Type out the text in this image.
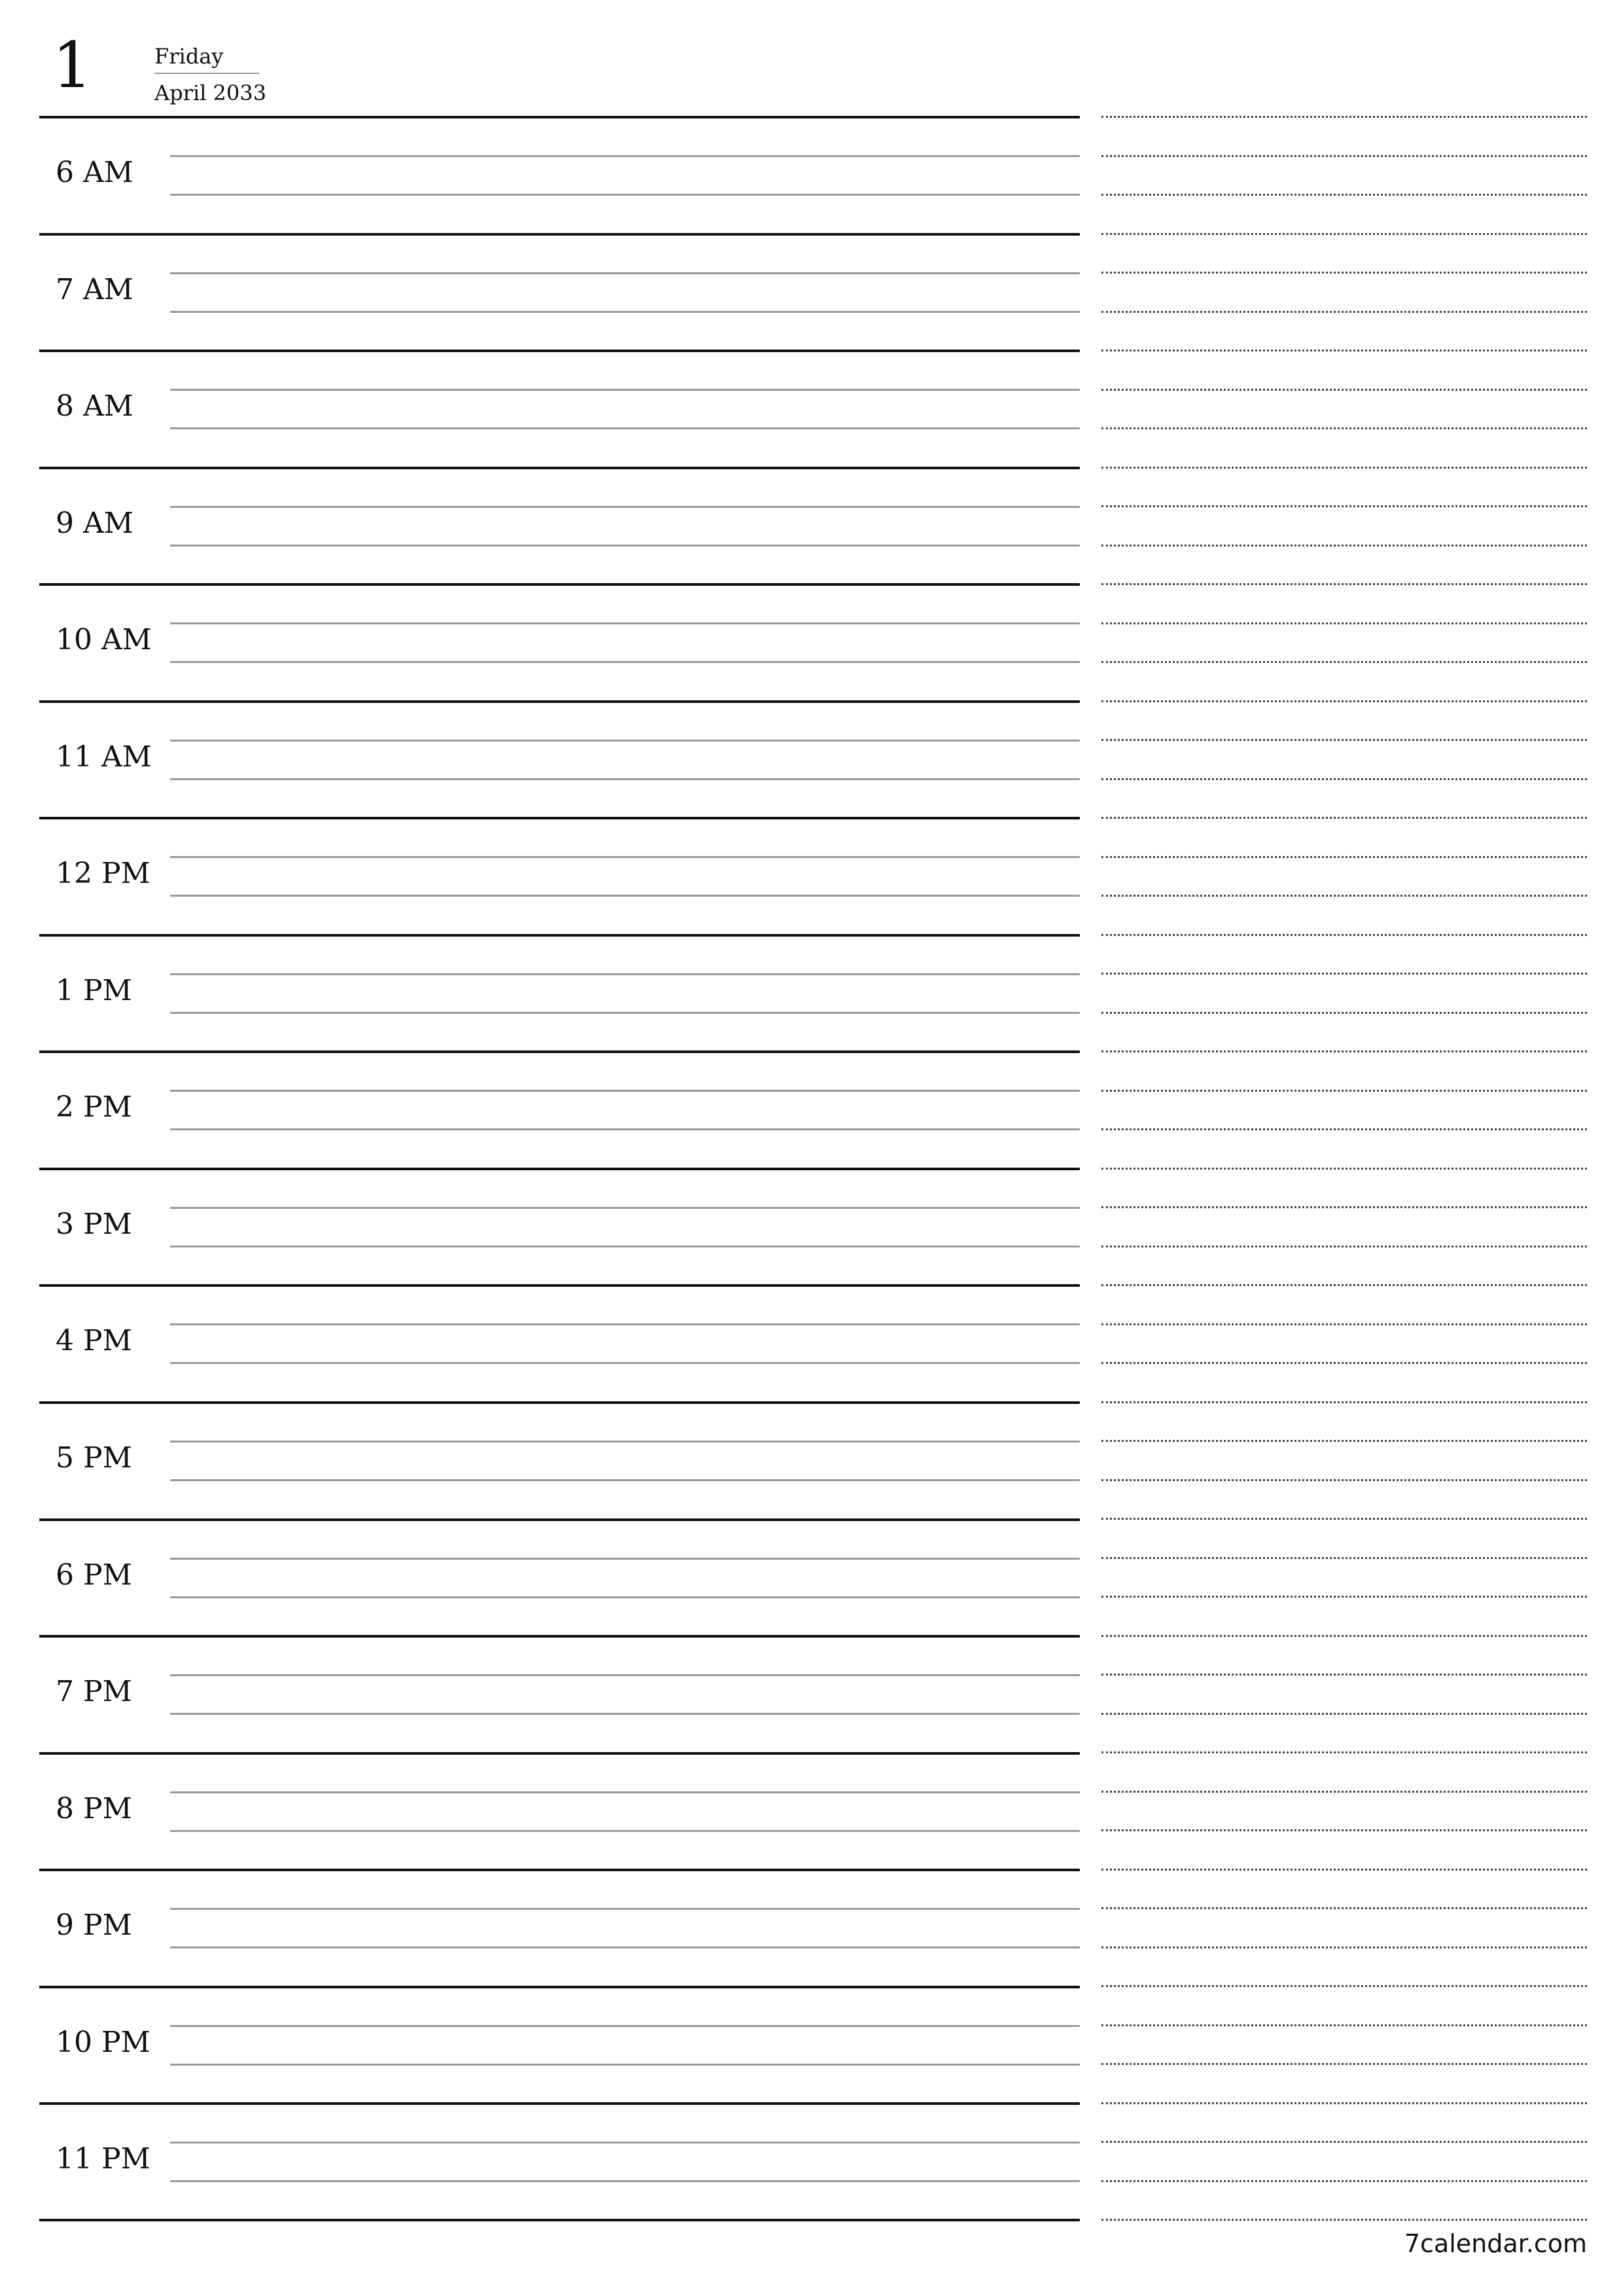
1	Friday
April 2033
6 AM
7 AM
8 AM
9 AM
10 AM
11 AM
12 PM
1 PM
2 PM
3 PM
4 PM
5 PM
6 PM
7 PM
8 PM
9 PM
10 PM
11 PM
7calendar.com
